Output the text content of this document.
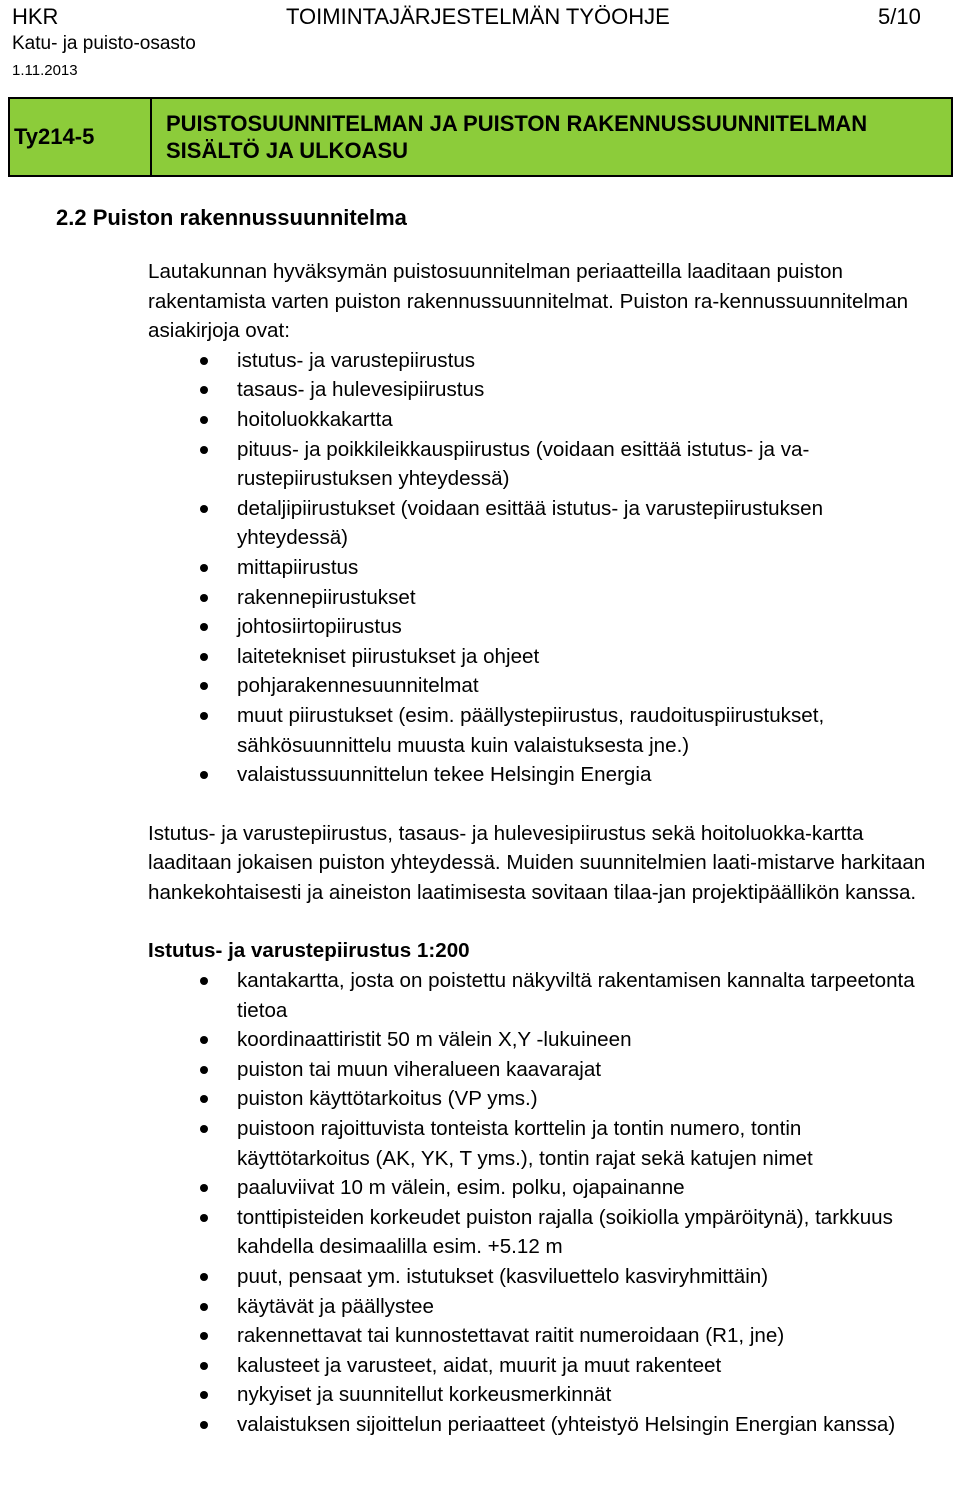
HKR	TOIMINTAJÄRJESTELMÄN TYÖOHJE	5/10
Katu- ja puisto-osasto
1.11.2013
Ty214-5
PUISTOSUUNNITELMAN JA PUISTON RAKENNUSSUUNNITELMAN
SISÄLTÖ JA ULKOASU
2.2 Puiston rakennussuunnitelma

Lautakunnan hyväksymän puistosuunnitelman periaatteilla laaditaan puiston rakentamista varten puiston rakennussuunnitelmat. Puiston ra-kennussuunnitelman asiakirjoja ovat:

istutus- ja varustepiirustus
tasaus- ja hulevesipiirustus
hoitoluokkakartta
pituus- ja poikkileikkauspiirustus (voidaan esittää istutus- ja va-rustepiirustuksen yhteydessä)
detaljipiirustukset (voidaan esittää istutus- ja varustepiirustuksen yhteydessä)
mittapiirustus
rakennepiirustukset
johtosiirtopiirustus
laitetekniset piirustukset ja ohjeet
pohjarakennesuunnitelmat
muut piirustukset (esim. päällystepiirustus, raudoituspiirustukset, sähkösuunnittelu muusta kuin valaistuksesta jne.)
valaistussuunnittelun tekee Helsingin Energia

Istutus- ja varustepiirustus, tasaus- ja hulevesipiirustus sekä hoitoluokka-kartta laaditaan jokaisen puiston yhteydessä. Muiden suunnitelmien laati-mistarve harkitaan hankekohtaisesti ja aineiston laatimisesta sovitaan tilaa-jan projektipäällikön kanssa.

Istutus- ja varustepiirustus 1:200

kantakartta, josta on poistettu näkyviltä rakentamisen kannalta tarpeetonta tietoa
koordinaattiristit 50 m välein X,Y -lukuineen
puiston tai muun viheralueen kaavarajat
puiston käyttötarkoitus (VP yms.)
puistoon rajoittuvista tonteista korttelin ja tontin numero, tontin käyttötarkoitus (AK, YK, T yms.), tontin rajat sekä katujen nimet
paaluviivat 10 m välein, esim. polku, ojapainanne
tonttipisteiden korkeudet puiston rajalla (soikiolla ympäröitynä), tarkkuus kahdella desimaalilla esim. +5.12 m
puut, pensaat ym. istutukset (kasviluettelo kasviryhmittäin)
käytävät ja päällystee
rakennettavat tai kunnostettavat raitit numeroidaan (R1, jne)
kalusteet ja varusteet, aidat, muurit ja muut rakenteet
nykyiset ja suunnitellut korkeusmerkinnät
valaistuksen sijoittelun periaatteet (yhteistyö Helsingin Energian kanssa)
